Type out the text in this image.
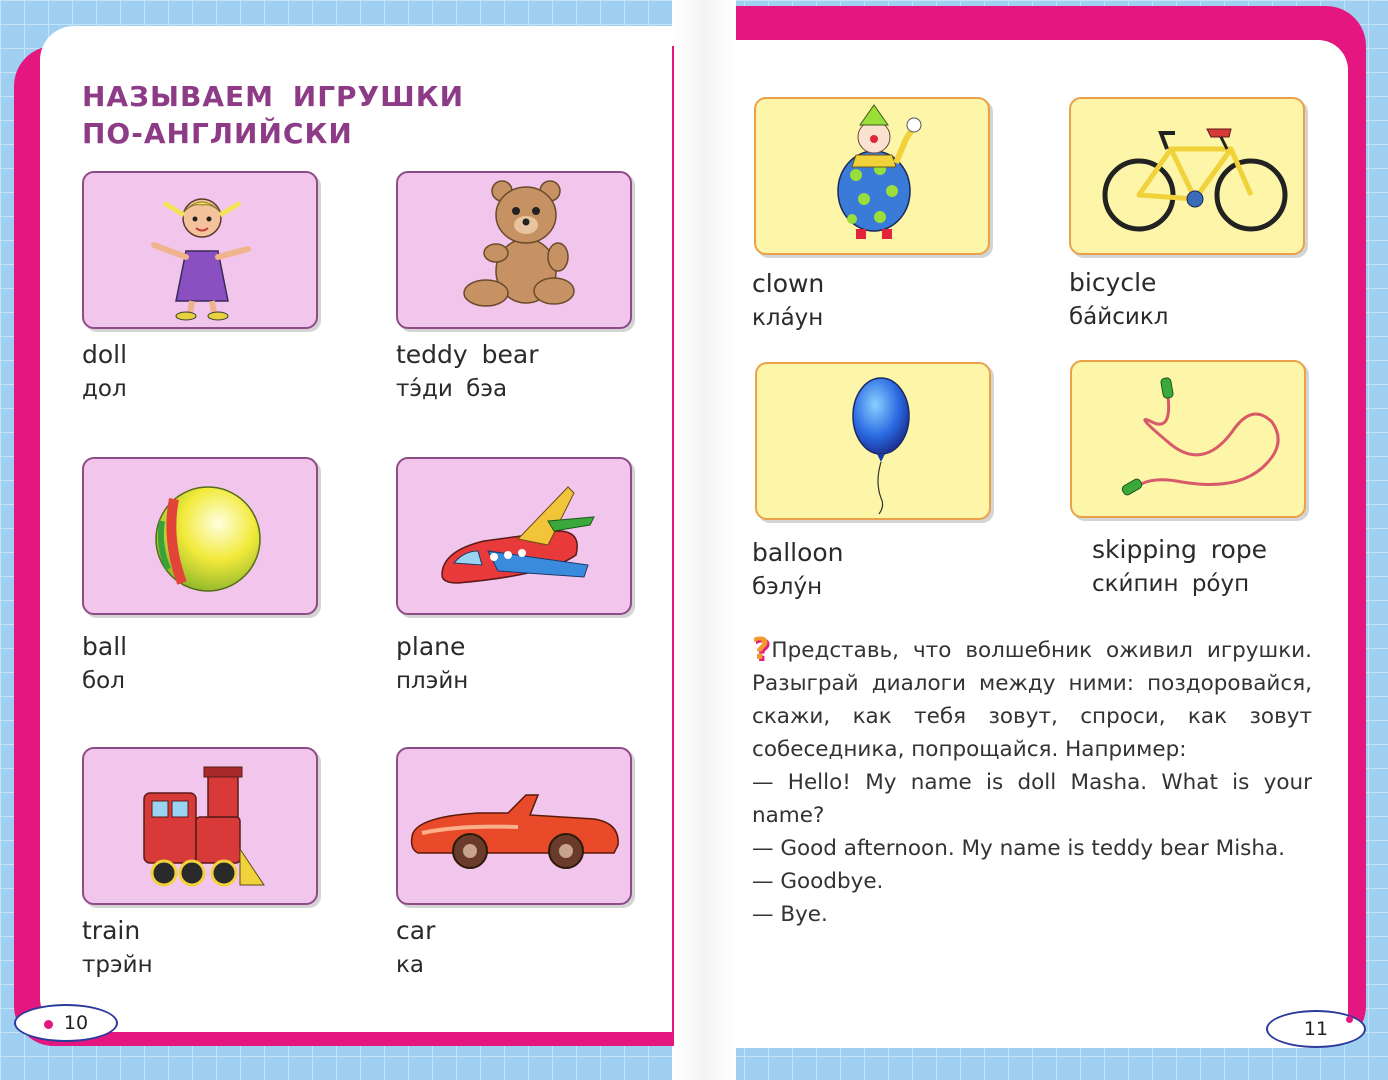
НАЗЫВАЕМ ИГРУШКИ
ПО-АНГЛИЙСКИ

doll
дол

teddy bear
тэ́ди бэа

ball
бол

plane
плэйн

train
трэйн

car
ка

10

clown
клáун

bicycle
бáйсикл

balloon
бэлýн

skipping rope
ски́пин рóуп

?Представь, что волшебник оживил игрушки. Разыграй диалоги между ними: поздоровайся, скажи, как тебя зовут, спроси, как зовут собеседника, попрощайся. Например:

— Hello! My name is doll Masha. What is your name?

— Good afternoon. My name is teddy bear Misha.

— Goodbye.

— Bye.

11
